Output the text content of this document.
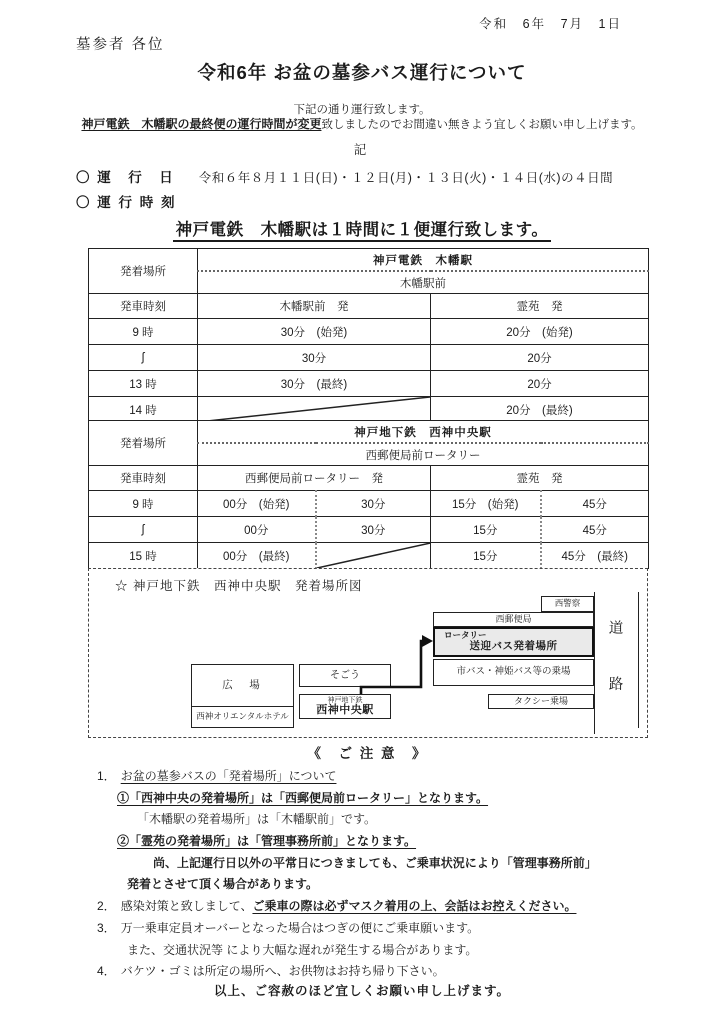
令和　6年　7月　1日
墓参者 各位
令和6年 お盆の墓参バス運行について
下記の通り運行致します。
神戸電鉄　木幡駅の最終便の運行時間が変更致しましたのでお間違い無きよう宜しくお願い申し上げます。
記
〇 運　行　日 令和６年８月１１日(日)・１２日(月)・１３日(火)・１４日(水)の４日間
〇 運 行 時 刻
神戸電鉄　木幡駅は１時間に１便運行致します。
発着場所	神戸電鉄　木幡駅	
	木幡駅前	
発車時刻	木幡駅前　発	霊苑　発
9 時	30分　(始発)	20分　(始発)
ʃ	30分	20分
13 時	30分　(最終)	20分
14 時		20分　(最終)
発着場所	神戸地下鉄　西神中央駅			
	西郵便局前ロータリー			
発車時刻	西郵便局前ロータリー　発		霊苑　発	
9 時	00分　(始発)	30分	15分　(始発)	45分
ʃ	00分	30分	15分	45分
15 時	00分　(最終)		15分	45分　(最終)
☆ 神戸地下鉄　西神中央駅　発着場所図
道
路
西警察
西郵便局
ロータリー
送迎バス発着場所
市バス・神姫バス等の乗場
タクシー乗場
広　場
西神オリエンタルホテル
そごう
神戸地下鉄
西神中央駅
《　ご 注 意　》
1． お盆の墓参バスの「発着場所」について
①「西神中央の発着場所」は「西郵便局前ロータリー」となります。
「木幡駅の発着場所」は「木幡駅前」です。
②「霊苑の発着場所」は「管理事務所前」となります。
尚、上記運行日以外の平常日につきましても、ご乗車状況により「管理事務所前」
発着とさせて頂く場合があります。
2． 感染対策と致しまして、ご乗車の際は必ずマスク着用の上、会話はお控えください。
3． 万一乗車定員オーバーとなった場合はつぎの便にご乗車願います。
また、交通状況等 により大幅な遅れが発生する場合があります。
4． バケツ・ゴミは所定の場所へ、お供物はお持ち帰り下さい。
以上、ご容赦のほど宜しくお願い申し上げます。
